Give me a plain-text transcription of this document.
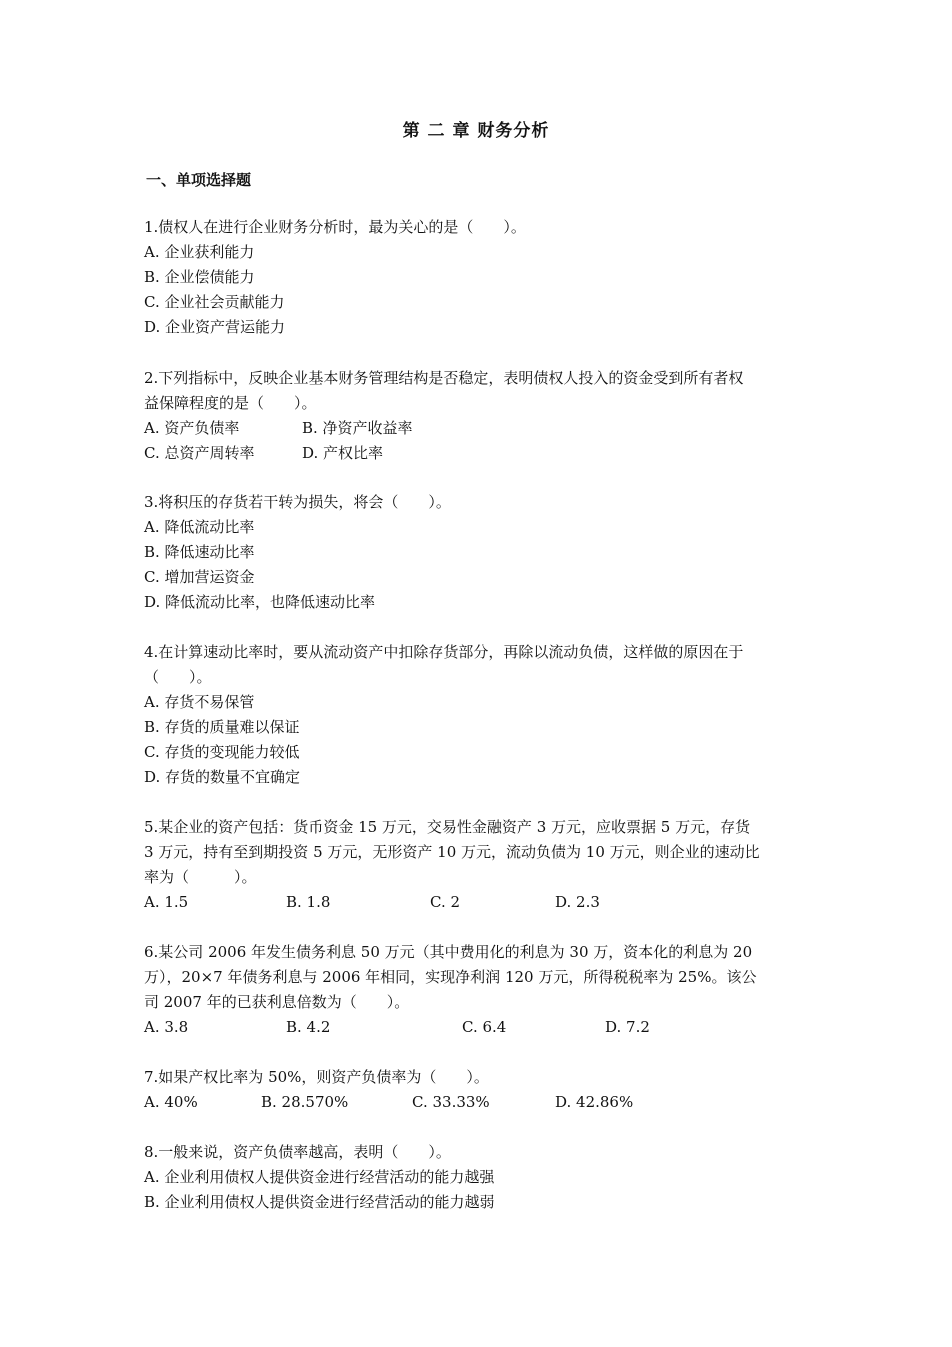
第 二 章 财务分析
一、单项选择题
1.债权人在进行企业财务分析时，最为关心的是（　　）。
A. 企业获利能力
B. 企业偿债能力
C. 企业社会贡献能力
D. 企业资产营运能力
2.下列指标中，反映企业基本财务管理结构是否稳定，表明债权人投入的资金受到所有者权
益保障程度的是（　　）。
A. 资产负债率	B. 净资产收益率
C. 总资产周转率	D. 产权比率
3.将积压的存货若干转为损失，将会（　　）。
A. 降低流动比率
B. 降低速动比率
C. 增加营运资金
D. 降低流动比率，也降低速动比率
4.在计算速动比率时，要从流动资产中扣除存货部分，再除以流动负债，这样做的原因在于
（　　）。
A. 存货不易保管
B. 存货的质量难以保证
C. 存货的变现能力较低
D. 存货的数量不宜确定
5.某企业的资产包括：货币资金 15 万元，交易性金融资产 3 万元，应收票据 5 万元，存货
3 万元，持有至到期投资 5 万元，无形资产 10 万元，流动负债为 10 万元，则企业的速动比
率为（　　　）。
A. 1.5	B. 1.8	C. 2	D. 2.3
6.某公司 2006 年发生债务利息 50 万元（其中费用化的利息为 30 万，资本化的利息为 20
万），20×7 年债务利息与 2006 年相同，实现净利润 120 万元，所得税税率为 25%。该公
司 2007 年的已获利息倍数为（　　）。
A. 3.8	B. 4.2	C. 6.4	D. 7.2
7.如果产权比率为 50%，则资产负债率为（　　）。
A. 40%	B. 28.570%	C. 33.33%	D. 42.86%
8.一般来说，资产负债率越高，表明（　　）。
A. 企业利用债权人提供资金进行经营活动的能力越强
B. 企业利用债权人提供资金进行经营活动的能力越弱
